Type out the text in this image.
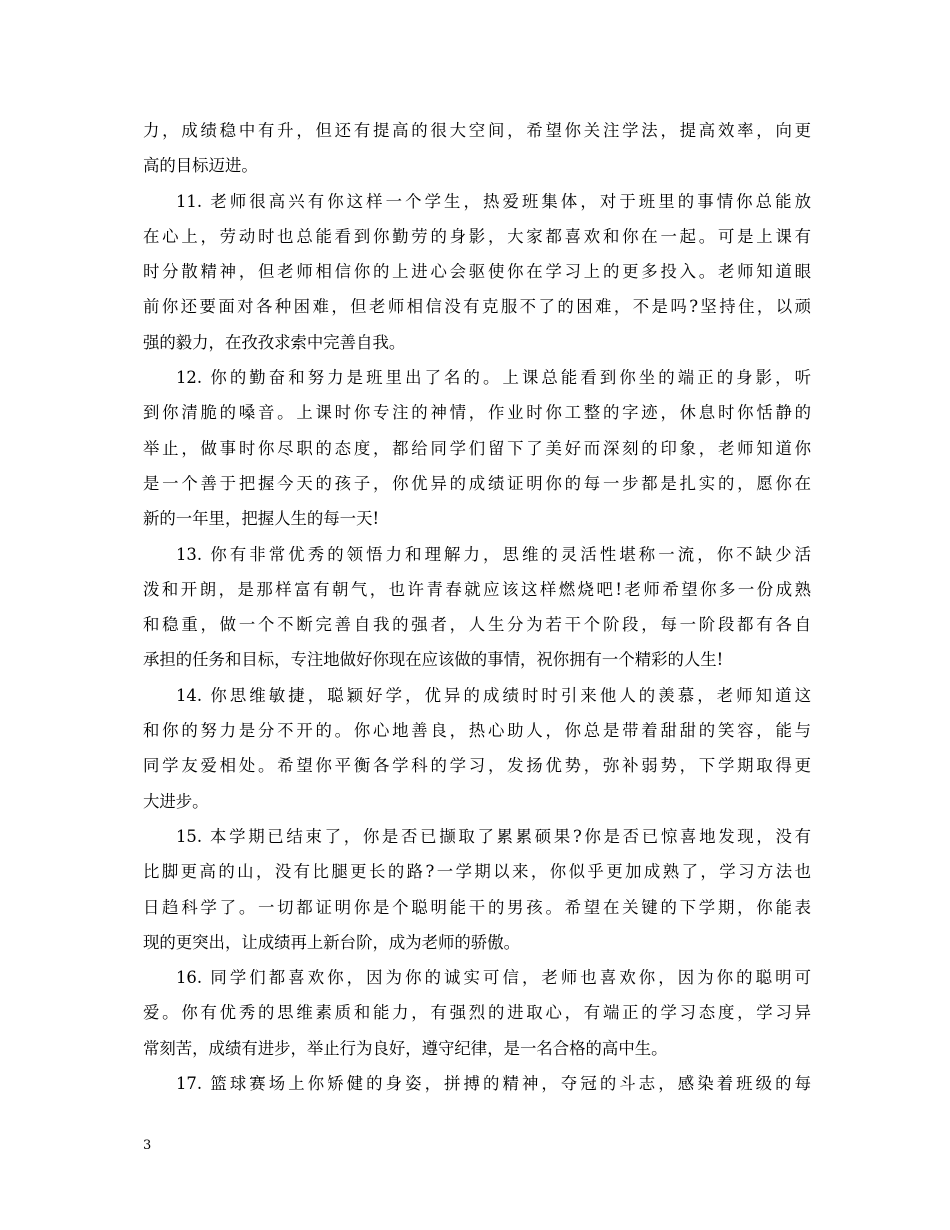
力，成绩稳中有升，但还有提高的很大空间，希望你关注学法，提高效率，向更
高的目标迈进。
11. 老师很高兴有你这样一个学生，热爱班集体，对于班里的事情你总能放
在心上，劳动时也总能看到你勤劳的身影，大家都喜欢和你在一起。可是上课有
时分散精神，但老师相信你的上进心会驱使你在学习上的更多投入。老师知道眼
前你还要面对各种困难，但老师相信没有克服不了的困难，不是吗?坚持住，以顽
强的毅力，在孜孜求索中完善自我。
12. 你的勤奋和努力是班里出了名的。上课总能看到你坐的端正的身影，听
到你清脆的嗓音。上课时你专注的神情，作业时你工整的字迹，休息时你恬静的
举止，做事时你尽职的态度，都给同学们留下了美好而深刻的印象，老师知道你
是一个善于把握今天的孩子，你优异的成绩证明你的每一步都是扎实的，愿你在
新的一年里，把握人生的每一天!
13. 你有非常优秀的领悟力和理解力，思维的灵活性堪称一流，你不缺少活
泼和开朗，是那样富有朝气，也许青春就应该这样燃烧吧!老师希望你多一份成熟
和稳重，做一个不断完善自我的强者，人生分为若干个阶段，每一阶段都有各自
承担的任务和目标，专注地做好你现在应该做的事情，祝你拥有一个精彩的人生!
14. 你思维敏捷，聪颖好学，优异的成绩时时引来他人的羡慕，老师知道这
和你的努力是分不开的。你心地善良，热心助人，你总是带着甜甜的笑容，能与
同学友爱相处。希望你平衡各学科的学习，发扬优势，弥补弱势，下学期取得更
大进步。
15. 本学期已结束了，你是否已撷取了累累硕果?你是否已惊喜地发现，没有
比脚更高的山，没有比腿更长的路?一学期以来，你似乎更加成熟了，学习方法也
日趋科学了。一切都证明你是个聪明能干的男孩。希望在关键的下学期，你能表
现的更突出，让成绩再上新台阶，成为老师的骄傲。
16. 同学们都喜欢你，因为你的诚实可信，老师也喜欢你，因为你的聪明可
爱。你有优秀的思维素质和能力，有强烈的进取心，有端正的学习态度，学习异
常刻苦，成绩有进步，举止行为良好，遵守纪律，是一名合格的高中生。
17. 篮球赛场上你矫健的身姿，拼搏的精神，夺冠的斗志，感染着班级的每
3
